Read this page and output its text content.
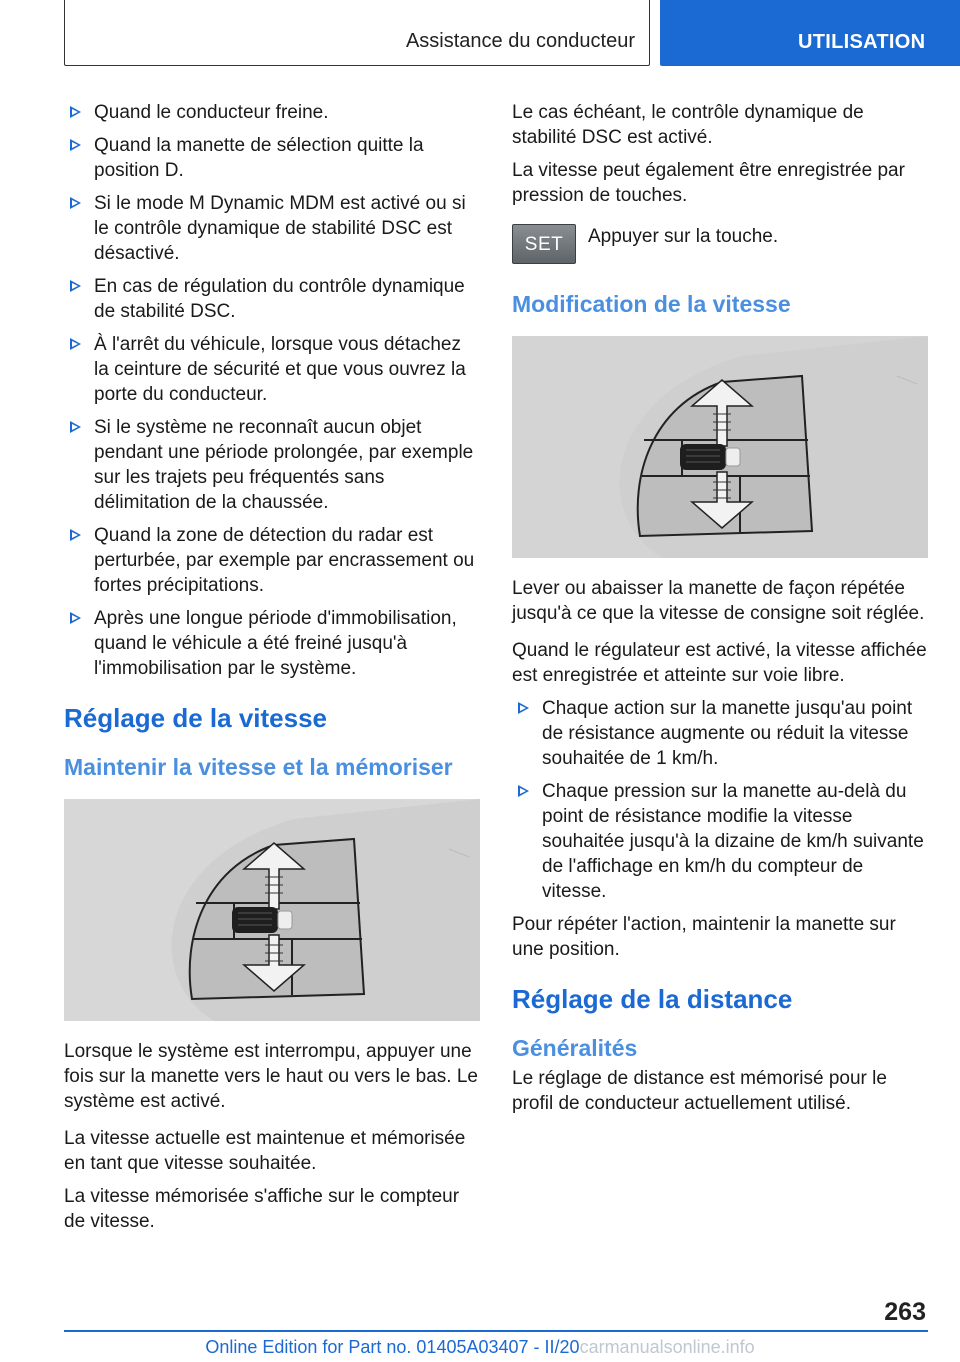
Assistance du conducteur	UTILISATION
Quand le conducteur freine.
Quand la manette de sélection quitte la position D.
Si le mode M Dynamic MDM est activé ou si le contrôle dynamique de stabilité DSC est désactivé.
En cas de régulation du contrôle dynamique de stabilité DSC.
À l'arrêt du véhicule, lorsque vous détachez la ceinture de sécurité et que vous ouvrez la porte du conducteur.
Si le système ne reconnaît aucun objet pendant une période prolongée, par exemple sur les trajets peu fréquentés sans délimitation de la chaussée.
Quand la zone de détection du radar est perturbée, par exemple par encrassement ou fortes précipitations.
Après une longue période d'immobilisation, quand le véhicule a été freiné jusqu'à l'immobilisation par le système.
Réglage de la vitesse
Maintenir la vitesse et la mémoriser

Lorsque le système est interrompu, appuyer une fois sur la manette vers le haut ou vers le bas. Le système est activé.

La vitesse actuelle est maintenue et mémorisée en tant que vitesse souhaitée.

La vitesse mémorisée s'affiche sur le compteur de vitesse.

Le cas échéant, le contrôle dynamique de stabilité DSC est activé.

La vitesse peut également être enregistrée par pression de touches.

SET	Appuyer sur la touche.
Modification de la vitesse

Lever ou abaisser la manette de façon répétée jusqu'à ce que la vitesse de consigne soit réglée.

Quand le régulateur est activé, la vitesse affichée est enregistrée et atteinte sur voie libre.

Chaque action sur la manette jusqu'au point de résistance augmente ou réduit la vitesse souhaitée de 1 km/h.
Chaque pression sur la manette au-delà du point de résistance modifie la vitesse souhaitée jusqu'à la dizaine de km/h suivante de l'affichage en km/h du compteur de vitesse.

Pour répéter l'action, maintenir la manette sur une position.

Réglage de la distance
Généralités

Le réglage de distance est mémorisé pour le profil de conducteur actuellement utilisé.

263
Online Edition for Part no. 01405A03407 - II/20carmanualsonline.info
